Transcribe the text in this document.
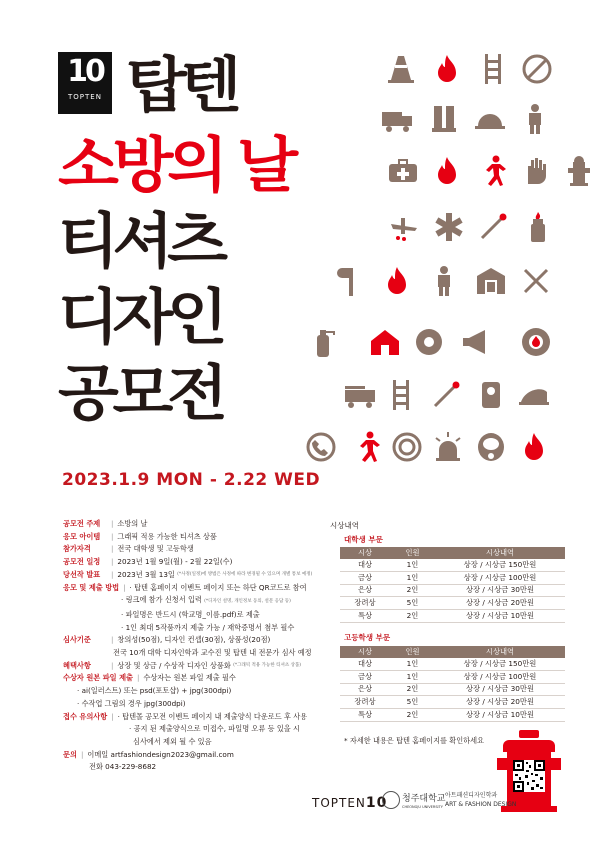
10
TOPTEN 탑텐
소방의 날
티셔츠
디자인
공모전
2023.1.9 MON - 2.22 WED
공모전 주제	| 소방의 날
응모 아이템	| 그래픽 적용 가능한 티셔츠 상품
참가자격	| 전국 대학생 및 고등학생
공모전 일정	| 2023년 1월 9일(월) - 2월 22일(수)
당선작 발표	| 2023년 3월 13일
(*사정(일정)에 방법은 사정에 따라 변경될 수 있으며 개별 통보 예정)
응모 및 제출 방법 | · 탑텐 홈페이지 이벤트 페이지 또는 하단 QR코드로 참여
· 링크에 참가 신청서 입력 (*디자인 설명, 개인정보 동의, 설문 응답 등)
· 파일명은 반드시 (학교명_이름.pdf)로 제출
· 1인 최대 5작품까지 제출 가능 / 재학증명서 첨부 필수
심사기준	| 창의성(50점), 디자인 컨셉(30점), 상품성(20점)
전국 10개 대학 디자인학과 교수진 및 탑텐 내 전문가 심사 예정
혜택사항	| 상장 및 상금 / 수상작 디자인 상품화
(*그래픽 적용 가능한 티셔츠 상품)
수상자 원본 파일 제출 | 수상자는 원본 파일 제출 필수
· ai(일러스트) 또는 psd(포토샵) + jpg(300dpi)
· 수작업 그림의 경우 jpg(300dpi)
접수 유의사항 | · 탑텐몰 공모전 이벤트 페이지 내 제출양식 다운로드 후 사용
· 공지 된 제출양식으로 미접수, 파일명 오류 등 있을 시
심사에서 제외 될 수 있음
문의 | 이메일 artfashiondesign2023@gmail.com
전화 043-229-8682
시상내역
대학생 부문
시상	인원	시상내역
대상	1인	상장 / 시상금 150만원
금상	1인	상장 / 시상금 100만원
은상	2인	상장 / 시상금 30만원
장려상	5인	상장 / 시상금 20만원
특상	2인	상장 / 시상금 10만원
고등학생 부문
시상	인원	시상내역
대상	1인	상장 / 시상금 150만원
금상	1인	상장 / 시상금 100만원
은상	2인	상장 / 시상금 30만원
장려상	5인	상장 / 시상금 20만원
특상	2인	상장 / 시상금 10만원
* 자세한 내용은 탑텐 홈페이지를 확인하세요
TOPTEN10 청주대학교
CHEONGJU UNIVERSITY
아트패션디자인학과
ART & FASHION DESIGN
